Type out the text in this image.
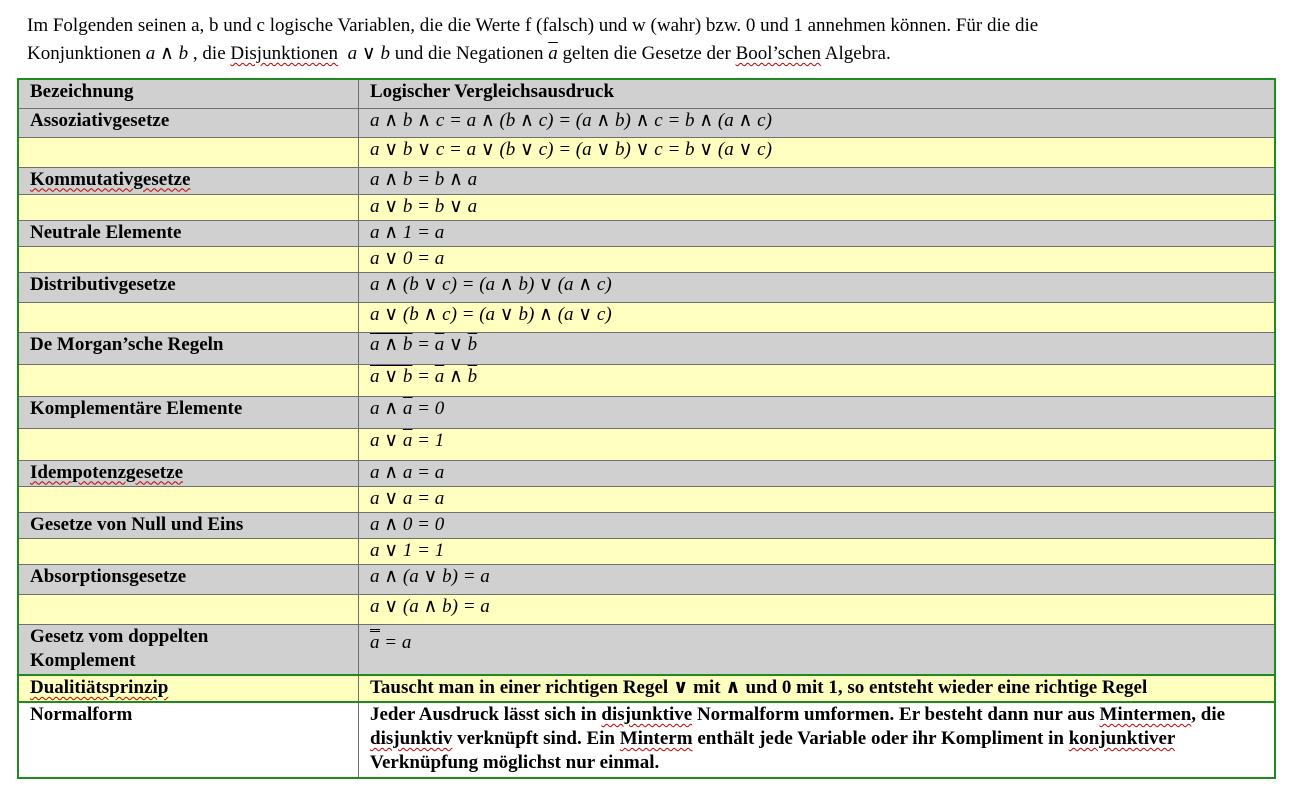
Im Folgenden seinen a, b und c logische Variablen, die die Werte f (falsch) und w (wahr) bzw. 0 und 1 annehmen können. Für die die
Konjunktionen a ∧ b , die Disjunktionen a ∨ b und die Negationen $\overline{a}$ gelten die Gesetze der Bool’schen Algebra.
Bezeichnung	Logischer Vergleichsausdruck
Assoziativgesetze	a ∧ b ∧ c = a ∧ (b ∧ c) = (a ∧ b) ∧ c = b ∧ (a ∧ c)
	a ∨ b ∨ c = a ∨ (b ∨ c) = (a ∨ b) ∨ c = b ∨ (a ∨ c)
Kommutativgesetze	a ∧ b = b ∧ a
	a ∨ b = b ∨ a
Neutrale Elemente	a ∧ 1 = a
	a ∨ 0 = a
Distributivgesetze	a ∧ (b ∨ c) = (a ∧ b) ∨ (a ∧ c)
	a ∨ (b ∧ c) = (a ∨ b) ∧ (a ∨ c)
De Morgan’sche Regeln	a ∧ $b = \overline{a}$ ∨ $\overline{b}$
	a ∨ $b = \overline{a}$ ∧ $\overline{b}$
Komplementäre Elemente	a ∧ $\overline{a} = 0$
	a ∨ $\overline{a} = 1$
Idempotenzgesetze	a ∧ a = a
	a ∨ a = a
Gesetze von Null und Eins	a ∧ 0 = 0
	a ∨ 1 = 1
Absorptionsgesetze	a ∧ (a ∨ b) = a
	a ∨ (a ∧ b) = a
Gesetz vom doppelten
Komplement	a = a
Dualitiätsprinzip	Tauscht man in einer richtigen Regel ∨ mit ∧ und 0 mit 1, so entsteht wieder eine richtige Regel
Normalform	Jeder Ausdruck lässt sich in disjunktive Normalform umformen. Er besteht dann nur aus Mintermen, die disjunktiv verknüpft sind. Ein Minterm enthält jede Variable oder ihr Kompliment in konjunktiver Verknüpfung möglichst nur einmal.
